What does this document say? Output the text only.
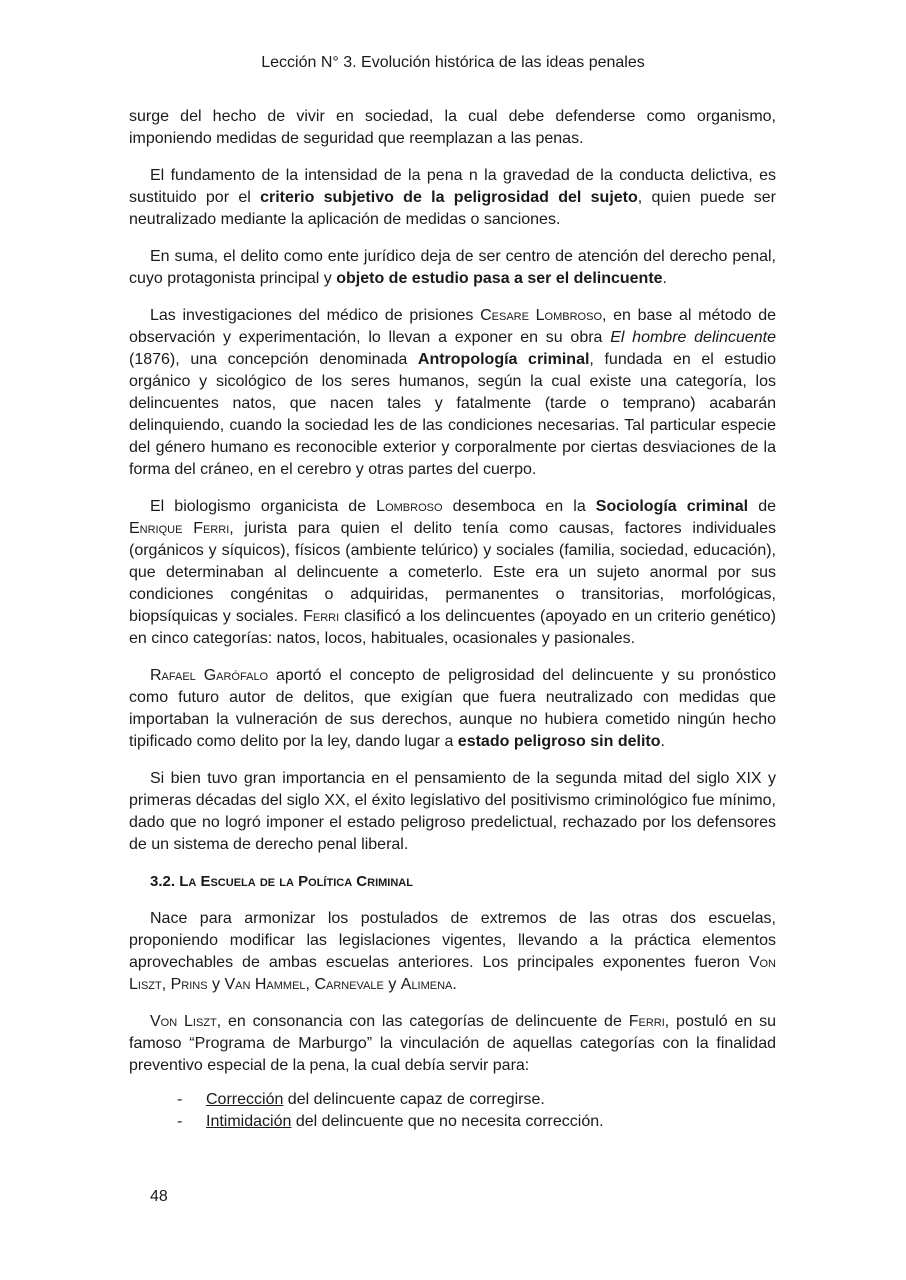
Lección N° 3. Evolución histórica de las ideas penales

surge del hecho de vivir en sociedad, la cual debe defenderse como organismo, imponiendo medidas de seguridad que reemplazan a las penas.

El fundamento de la intensidad de la pena n la gravedad de la conducta delictiva, es sustituido por el criterio subjetivo de la peligrosidad del sujeto, quien puede ser neutralizado mediante la aplicación de medidas o sanciones.

En suma, el delito como ente jurídico deja de ser centro de atención del derecho penal, cuyo protagonista principal y objeto de estudio pasa a ser el delincuente.

Las investigaciones del médico de prisiones Cesare Lombroso, en base al método de observación y experimentación, lo llevan a exponer en su obra El hombre delincuente (1876), una concepción denominada Antropología criminal, fundada en el estudio orgánico y sicológico de los seres humanos, según la cual existe una categoría, los delincuentes natos, que nacen tales y fatalmente (tarde o temprano) acabarán delinquiendo, cuando la sociedad les de las condiciones necesarias. Tal particular especie del género humano es reconocible exterior y corporalmente por ciertas desviaciones de la forma del cráneo, en el cerebro y otras partes del cuerpo.

El biologismo organicista de Lombroso desemboca en la Sociología criminal de Enrique Ferri, jurista para quien el delito tenía como causas, factores individuales (orgánicos y síquicos), físicos (ambiente telúrico) y sociales (familia, sociedad, educación), que determinaban al delincuente a cometerlo. Este era un sujeto anormal por sus condiciones congénitas o adquiridas, permanentes o transitorias, morfológicas, biopsíquicas y sociales. Ferri clasificó a los delincuentes (apoyado en un criterio genético) en cinco categorías: natos, locos, habituales, ocasionales y pasionales.

Rafael Garófalo aportó el concepto de peligrosidad del delincuente y su pronóstico como futuro autor de delitos, que exigían que fuera neutralizado con medidas que importaban la vulneración de sus derechos, aunque no hubiera cometido ningún hecho tipificado como delito por la ley, dando lugar a estado peligroso sin delito.

Si bien tuvo gran importancia en el pensamiento de la segunda mitad del siglo XIX y primeras décadas del siglo XX, el éxito legislativo del positivismo criminológico fue mínimo, dado que no logró imponer el estado peligroso predelictual, rechazado por los defensores de un sistema de derecho penal liberal.

3.2. La Escuela de la Política Criminal

Nace para armonizar los postulados de extremos de las otras dos escuelas, proponiendo modificar las legislaciones vigentes, llevando a la práctica elementos aprovechables de ambas escuelas anteriores. Los principales exponentes fueron Von Liszt, Prins y Van Hammel, Carnevale y Alimena.

Von Liszt, en consonancia con las categorías de delincuente de Ferri, postuló en su famoso “Programa de Marburgo” la vinculación de aquellas categorías con la finalidad preventivo especial de la pena, la cual debía servir para:

- Corrección del delincuente capaz de corregirse.
- Intimidación del delincuente que no necesita corrección.
48
